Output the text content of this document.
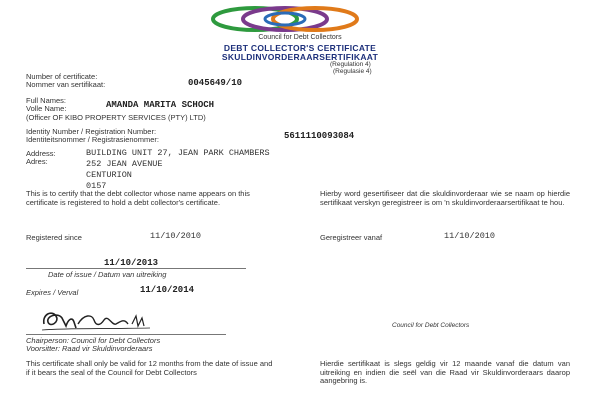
Council for Debt Collectors
DEBT COLLECTOR'S CERTIFICATE
SKULDINVORDERAARSERTIFIKAAT
(Regulation 4)
(Regulasie 4)
Number of certificate:
Nommer van sertifikaat:	0045649/10
Full Names:
Volle Name:	AMANDA MARITA SCHOCH
(Officer OF KIBO PROPERTY SERVICES (PTY) LTD)
Identity Number / Registration Number:
Identiteitsnommer / Registrasienommer:	5611110093084
Address:
Adres:
BUILDING UNIT 27, JEAN PARK CHAMBERS
252 JEAN AVENUE
CENTURION
0157
This is to certify that the debt collector whose name appears on this certificate is registered to hold a debt collector's certificate.
Hierby word gesertifiseer dat die skuldinvorderaar wie se naam op hierdie sertifikaat verskyn geregistreer is om 'n skuldinvorderaarsertifikaat te hou.
Registered since	11/10/2010	Geregistreer vanaf	11/10/2010
11/10/2013
Date of issue / Datum van uitreiking
Expires / Verval	11/10/2014
Chairperson: Council for Debt Collectors
Voorsitter: Raad vir Skuldinvorderaars
Council for Debt Collectors
This certificate shall only be valid for 12 months from the date of issue and if it bears the seal of the Council for Debt Collectors
Hierdie sertifikaat is slegs geldig vir 12 maande vanaf die datum van uitreiking en indien die seël van die Raad vir Skuldinvorderaars daarop aangebring is.
